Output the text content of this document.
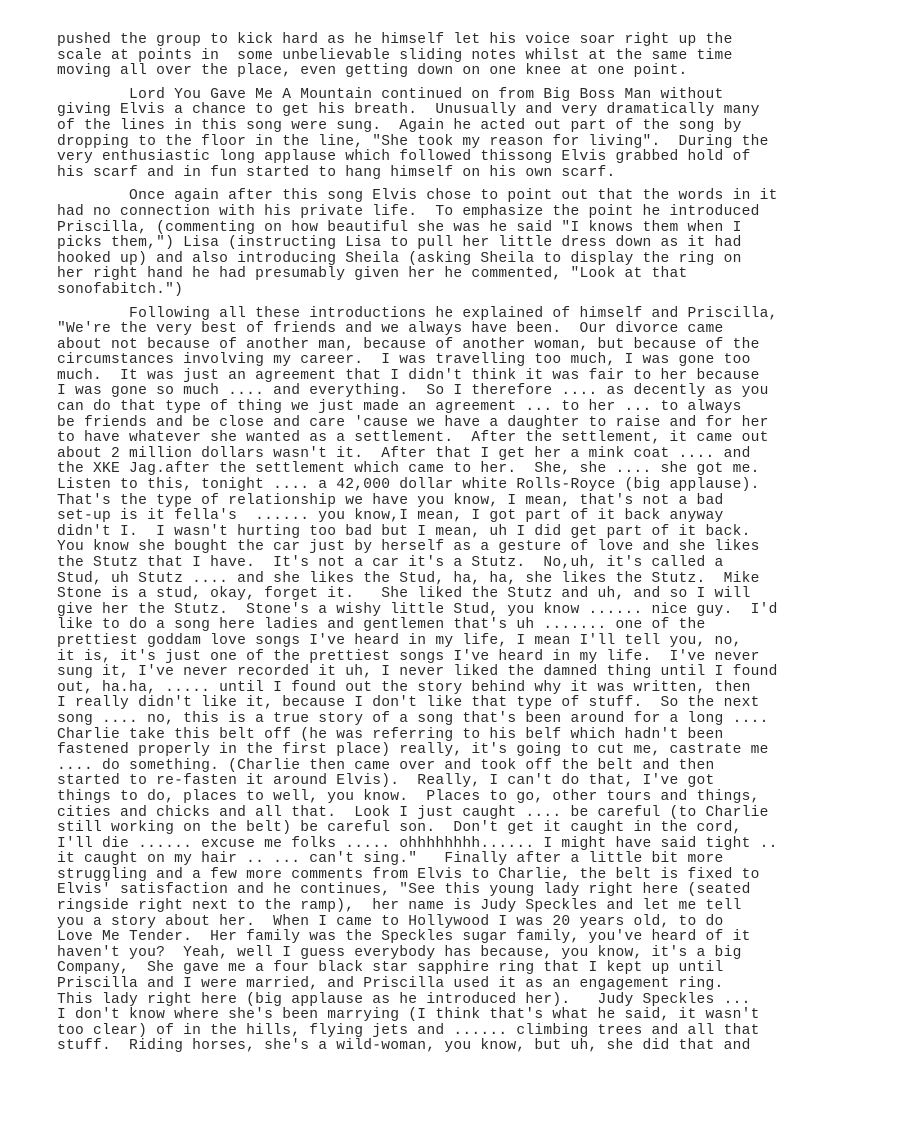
pushed the group to kick hard as he himself let his voice soar right up the
scale at points in  some unbelievable sliding notes whilst at the same time
moving all over the place, even getting down on one knee at one point.
Lord You Gave Me A Mountain continued on from Big Boss Man without
giving Elvis a chance to get his breath.  Unusually and very dramatically many
of the lines in this song were sung.  Again he acted out part of the song by
dropping to the floor in the line, "She took my reason for living".  During the
very enthusiastic long applause which followed thissong Elvis grabbed hold of
his scarf and in fun started to hang himself on his own scarf.
Once again after this song Elvis chose to point out that the words in it
had no connection with his private life.  To emphasize the point he introduced
Priscilla, (commenting on how beautiful she was he said "I knows them when I
picks them,") Lisa (instructing Lisa to pull her little dress down as it had
hooked up) and also introducing Sheila (asking Sheila to display the ring on
her right hand he had presumably given her he commented, "Look at that
sonofabitch.")
Following all these introductions he explained of himself and Priscilla,
"We're the very best of friends and we always have been.  Our divorce came
about not because of another man, because of another woman, but because of the
circumstances involving my career.  I was travelling too much, I was gone too
much.  It was just an agreement that I didn't think it was fair to her because
I was gone so much .... and everything.  So I therefore .... as decently as you
can do that type of thing we just made an agreement ... to her ... to always
be friends and be close and care 'cause we have a daughter to raise and for her
to have whatever she wanted as a settlement.  After the settlement, it came out
about 2 million dollars wasn't it.  After that I get her a mink coat .... and
the XKE Jag.after the settlement which came to her.  She, she .... she got me.
Listen to this, tonight .... a 42,000 dollar white Rolls-Royce (big applause).
That's the type of relationship we have you know, I mean, that's not a bad
set-up is it fella's  ...... you know,I mean, I got part of it back anyway
didn't I.  I wasn't hurting too bad but I mean, uh I did get part of it back.
You know she bought the car just by herself as a gesture of love and she likes
the Stutz that I have.  It's not a car it's a Stutz.  No,uh, it's called a
Stud, uh Stutz .... and she likes the Stud, ha, ha, she likes the Stutz.  Mike
Stone is a stud, okay, forget it.   She liked the Stutz and uh, and so I will
give her the Stutz.  Stone's a wishy little Stud, you know ...... nice guy.  I'd
like to do a song here ladies and gentlemen that's uh ....... one of the
prettiest goddam love songs I've heard in my life, I mean I'll tell you, no,
it is, it's just one of the prettiest songs I've heard in my life.  I've never
sung it, I've never recorded it uh, I never liked the damned thing until I found
out, ha.ha, ..... until I found out the story behind why it was written, then
I really didn't like it, because I don't like that type of stuff.  So the next
song .... no, this is a true story of a song that's been around for a long ....
Charlie take this belt off (he was referring to his belf which hadn't been
fastened properly in the first place) really, it's going to cut me, castrate me
.... do something. (Charlie then came over and took off the belt and then
started to re-fasten it around Elvis).  Really, I can't do that, I've got
things to do, places to well, you know.  Places to go, other tours and things,
cities and chicks and all that.  Look I just caught .... be careful (to Charlie
still working on the belt) be careful son.  Don't get it caught in the cord,
I'll die ...... excuse me folks ..... ohhhhhhhh...... I might have said tight ..
it caught on my hair .. ... can't sing."   Finally after a little bit more
struggling and a few more comments from Elvis to Charlie, the belt is fixed to
Elvis' satisfaction and he continues, "See this young lady right here (seated
ringside right next to the ramp),  her name is Judy Speckles and let me tell
you a story about her.  When I came to Hollywood I was 20 years old, to do
Love Me Tender.  Her family was the Speckles sugar family, you've heard of it
haven't you?  Yeah, well I guess everybody has because, you know, it's a big
Company,  She gave me a four black star sapphire ring that I kept up until
Priscilla and I were married, and Priscilla used it as an engagement ring.
This lady right here (big applause as he introduced her).   Judy Speckles ...
I don't know where she's been marrying (I think that's what he said, it wasn't
too clear) of in the hills, flying jets and ...... climbing trees and all that
stuff.  Riding horses, she's a wild-woman, you know, but uh, she did that and
